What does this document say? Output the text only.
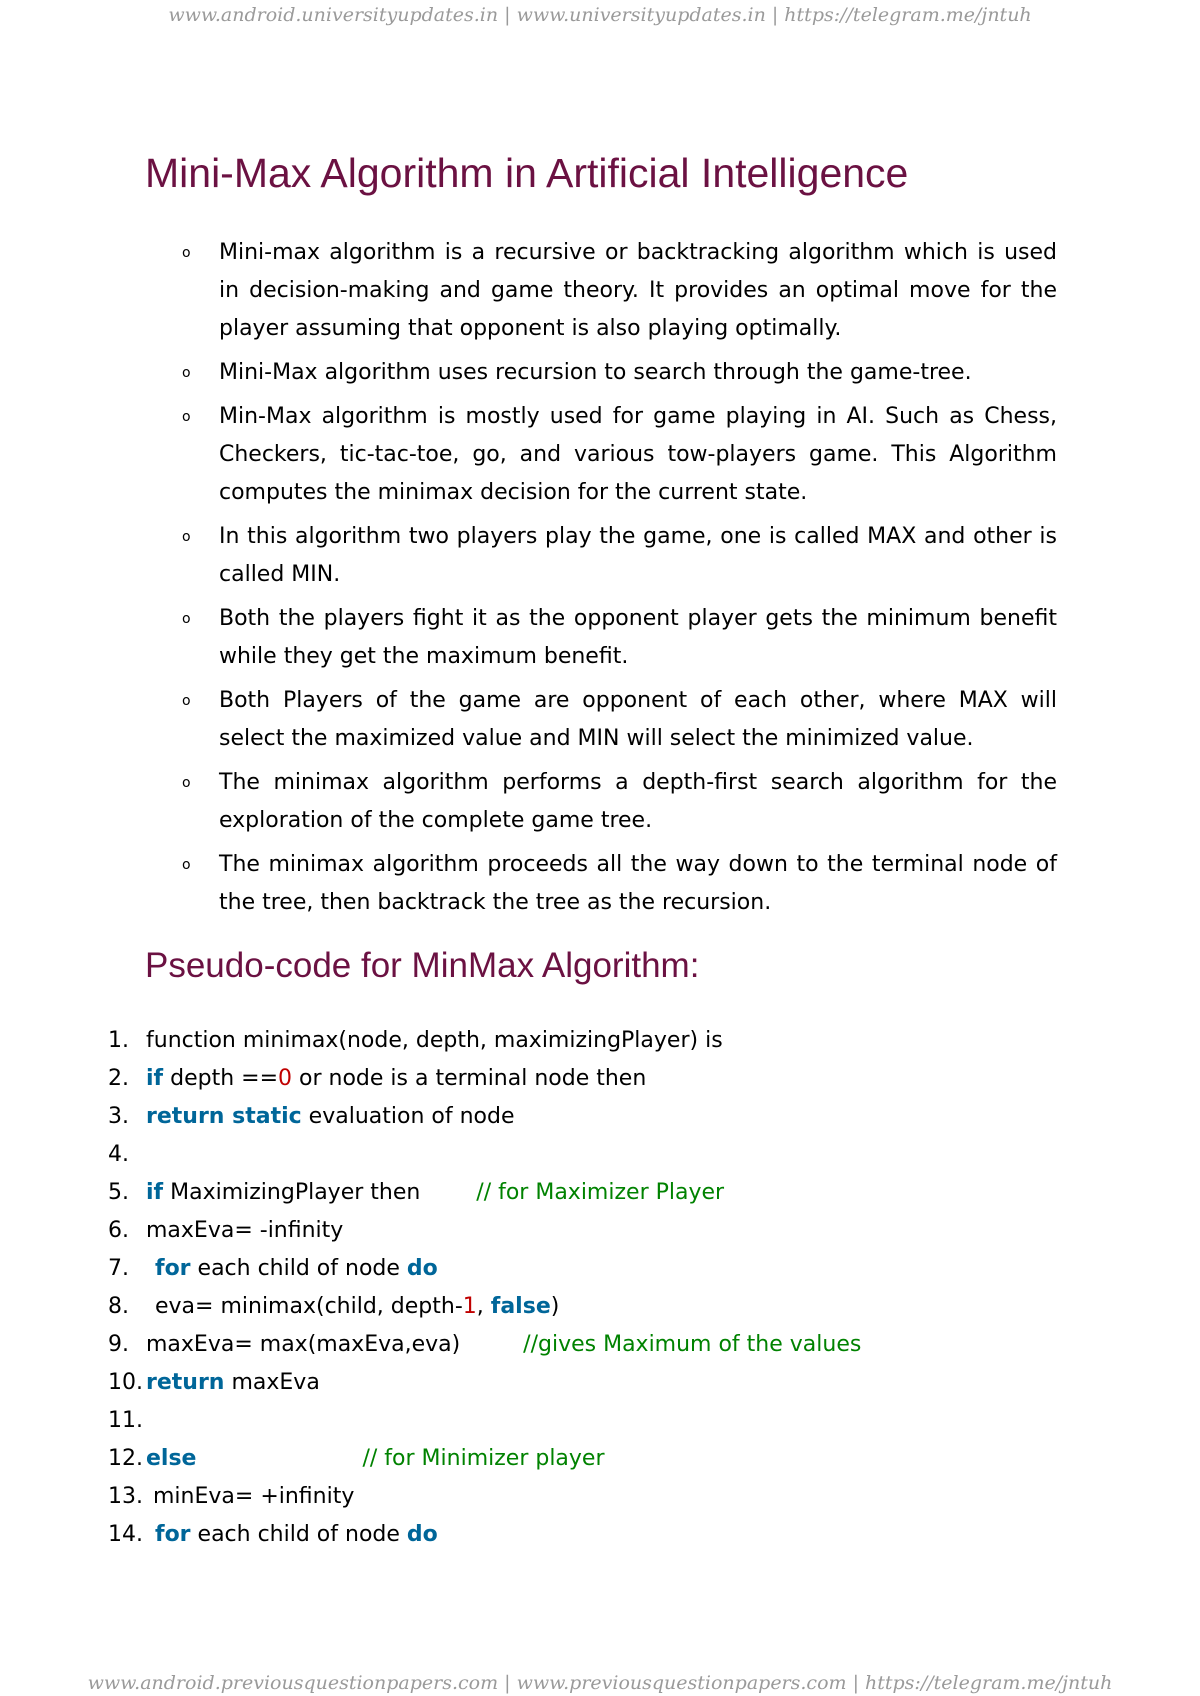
www.android.universityupdates.in | www.universityupdates.in | https://telegram.me/jntuh
Mini-Max Algorithm in Artificial Intelligence
o Mini-max algorithm is a recursive or backtracking algorithm which is used in decision-making and game theory. It provides an optimal move for the player assuming that opponent is also playing optimally.
o Mini-Max algorithm uses recursion to search through the game-tree.
o Min-Max algorithm is mostly used for game playing in AI. Such as Chess, Checkers, tic-tac-toe, go, and various tow-players game. This Algorithm computes the minimax decision for the current state.
o In this algorithm two players play the game, one is called MAX and other is called MIN.
o Both the players fight it as the opponent player gets the minimum benefit while they get the maximum benefit.
o Both Players of the game are opponent of each other, where MAX will select the maximized value and MIN will select the minimized value.
o The minimax algorithm performs a depth-first search algorithm for the exploration of the complete game tree.
o The minimax algorithm proceeds all the way down to the terminal node of the tree, then backtrack the tree as the recursion.
Pseudo-code for MinMax Algorithm:
1. function minimax(node, depth, maximizingPlayer) is
2. if depth ==0 or node is a terminal node then
3. return static evaluation of node
4.
5. if MaximizingPlayer then        // for Maximizer Player
6. maxEva= -infinity
7. for each child of node do
8. eva= minimax(child, depth-1, false)
9. maxEva= max(maxEva,eva)         //gives Maximum of the values
10. return maxEva
11.
12. else	// for Minimizer player
13. minEva= +infinity
14. for each child of node do
www.android.previousquestionpapers.com | www.previousquestionpapers.com | https://telegram.me/jntuh
